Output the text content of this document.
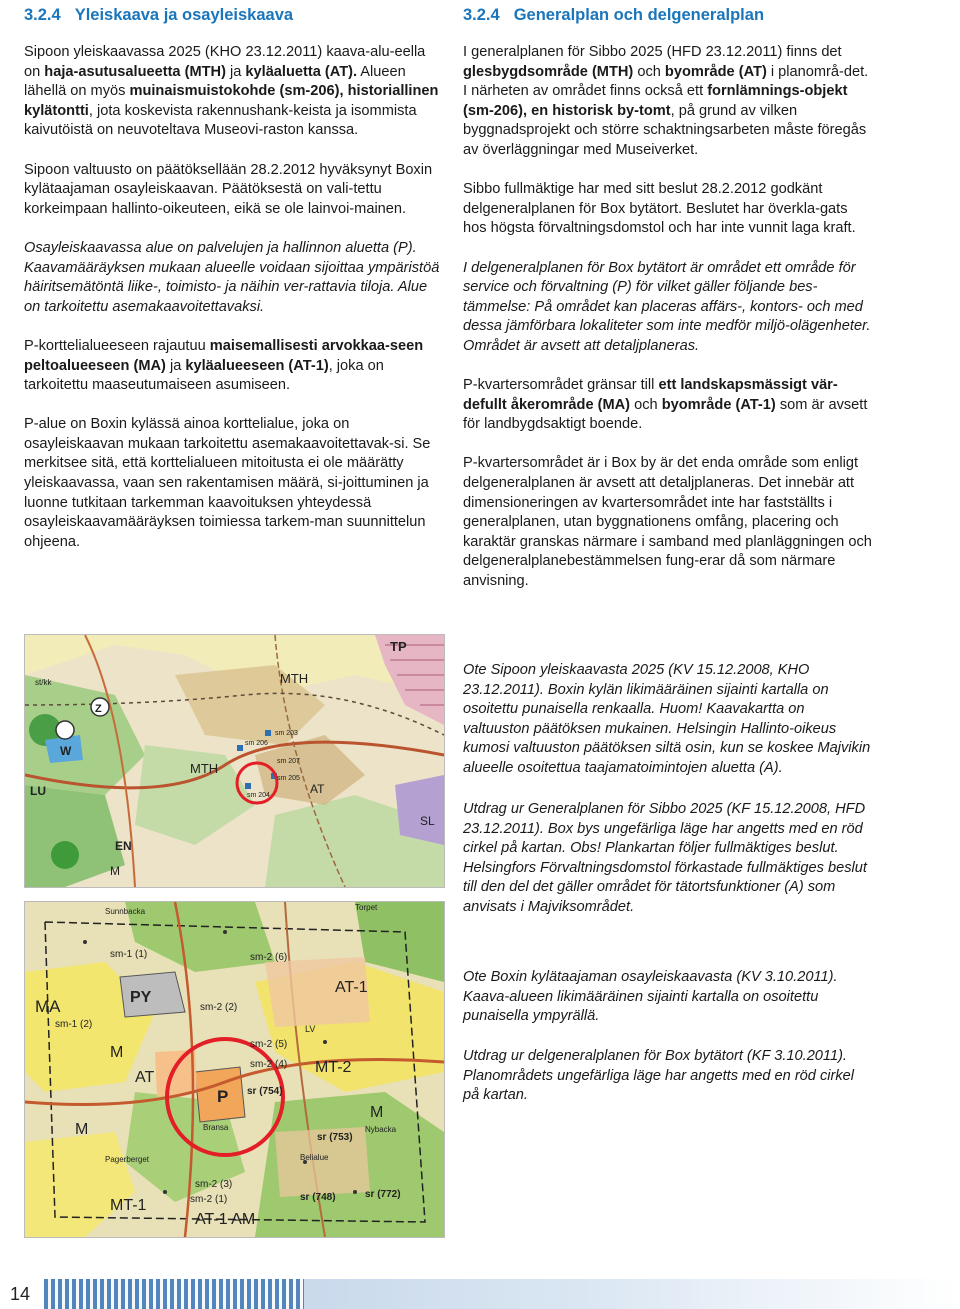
3.2.4 Yleiskaava ja osayleiskaava

Sipoon yleiskaavassa 2025 (KHO 23.12.2011) kaava-alu-eella on haja-asutusalueetta (MTH) ja kyläaluetta (AT). Alueen lähellä on myös muinaismuistokohde (sm-206), historiallinen kylätontti, jota koskevista rakennushank-keista ja isommista kaivutöistä on neuvoteltava Museovi-raston kanssa.

Sipoon valtuusto on päätöksellään 28.2.2012 hyväksynyt Boxin kylätaajaman osayleiskaavan. Päätöksestä on vali-tettu korkeimpaan hallinto-oikeuteen, eikä se ole lainvoi-mainen.

Osayleiskaavassa alue on palvelujen ja hallinnon aluetta (P). Kaavamääräyksen mukaan alueelle voidaan sijoittaa ympäristöä häiritsemätöntä liike-, toimisto- ja näihin ver-rattavia tiloja. Alue on tarkoitettu asemakaavoitettavaksi.

P-korttelialueeseen rajautuu maisemallisesti arvokkaa-seen peltoalueeseen (MA) ja kyläalueeseen (AT-1), joka on tarkoitettu maaseutumaiseen asumiseen.

P-alue on Boxin kylässä ainoa korttelialue, joka on osayleiskaavan mukaan tarkoitettu asemakaavoitettavak-si. Se merkitsee sitä, että korttelialueen mitoitusta ei ole määrätty yleiskaavassa, vaan sen rakentamisen määrä, si-joittuminen ja luonne tutkitaan tarkemman kaavoituksen yhteydessä osayleiskaavamääräyksen toimiessa tarkem-man suunnittelun ohjeena.

3.2.4 Generalplan och delgeneralplan

I generalplanen för Sibbo 2025 (HFD 23.12.2011) finns det glesbygdsområde (MTH) och byområde (AT) i planområ-det. I närheten av området finns också ett fornlämnings-objekt (sm-206), en historisk by-tomt, på grund av vilken byggnadsprojekt och större schaktningsarbeten måste föregås av överläggningar med Museiverket.

Sibbo fullmäktige har med sitt beslut 28.2.2012 godkänt delgeneralplanen för Box bytätort. Beslutet har överkla-gats hos högsta förvaltningsdomstol och har inte vunnit laga kraft.

I delgeneralplanen för Box bytätort är området ett område för service och förvaltning (P) för vilket gäller följande bes-tämmelse: På området kan placeras affärs-, kontors- och med dessa jämförbara lokaliteter som inte medför miljö-olägenheter. Området är avsett att detaljplaneras.

P-kvartersområdet gränsar till ett landskapsmässigt vär-defullt åkerområde (MA) och byområde (AT-1) som är avsett för landbygdsaktigt boende.

P-kvartersområdet är i Box by är det enda område som enligt delgeneralplanen är avsett att detaljplaneras. Det innebär att dimensioneringen av kvartersområdet inte har fastställts i generalplanen, utan byggnationens omfång, placering och karaktär granskas närmare i samband med planläggningen och delgeneralplanebestämmelsen fung-erar då som närmare anvisning.

TP
MTH
MTH
AT
Z
W
LU
SL
EN
M
sm 206
sm 204
sm 205
sm 203
sm 207
st/kk
Sunnbacka
sm-1 (1)
MA	PY
sm-1 (2)
M
AT
P
M
MT-1
AT-1 AM
AT-1
MT-2
sm-2 (6)
sm-2 (5)
sm-2 (4)
sm-2 (3)
sm-2 (1)
sr (754)
sr (753)
sr (748)	sr (772)
M
LV
Torpet
Nybacka
Bransa
Pagerberget	Belialue
sm-2 (2)

Ote Sipoon yleiskaavasta 2025 (KV 15.12.2008, KHO 23.12.2011). Boxin kylän likimääräinen sijainti kartalla on osoitettu punaisella renkaalla. Huom! Kaavakartta on valtuuston päätöksen mukainen. Helsingin Hallinto-oikeus kumosi valtuuston päätöksen siltä osin, kun se koskee Majvikin alueelle osoitettua taajamatoimintojen aluetta (A).

Utdrag ur Generalplanen för Sibbo 2025 (KF 15.12.2008, HFD 23.12.2011). Box bys ungefärliga läge har angetts med en röd cirkel på kartan. Obs! Plankartan följer fullmäktiges beslut. Helsingfors Förvaltningsdomstol förkastade fullmäktiges beslut till den del det gäller området för tätortsfunktioner (A) som anvisats i Majviksområdet.

Ote Boxin kylätaajaman osayleiskaavasta (KV 3.10.2011). Kaava-alueen likimääräinen sijainti kartalla on osoitettu punaisella ympyrällä.

Utdrag ur delgeneralplanen för Box bytätort (KF 3.10.2011). Planområdets ungefärliga läge har angetts med en röd cirkel på kartan.

14
